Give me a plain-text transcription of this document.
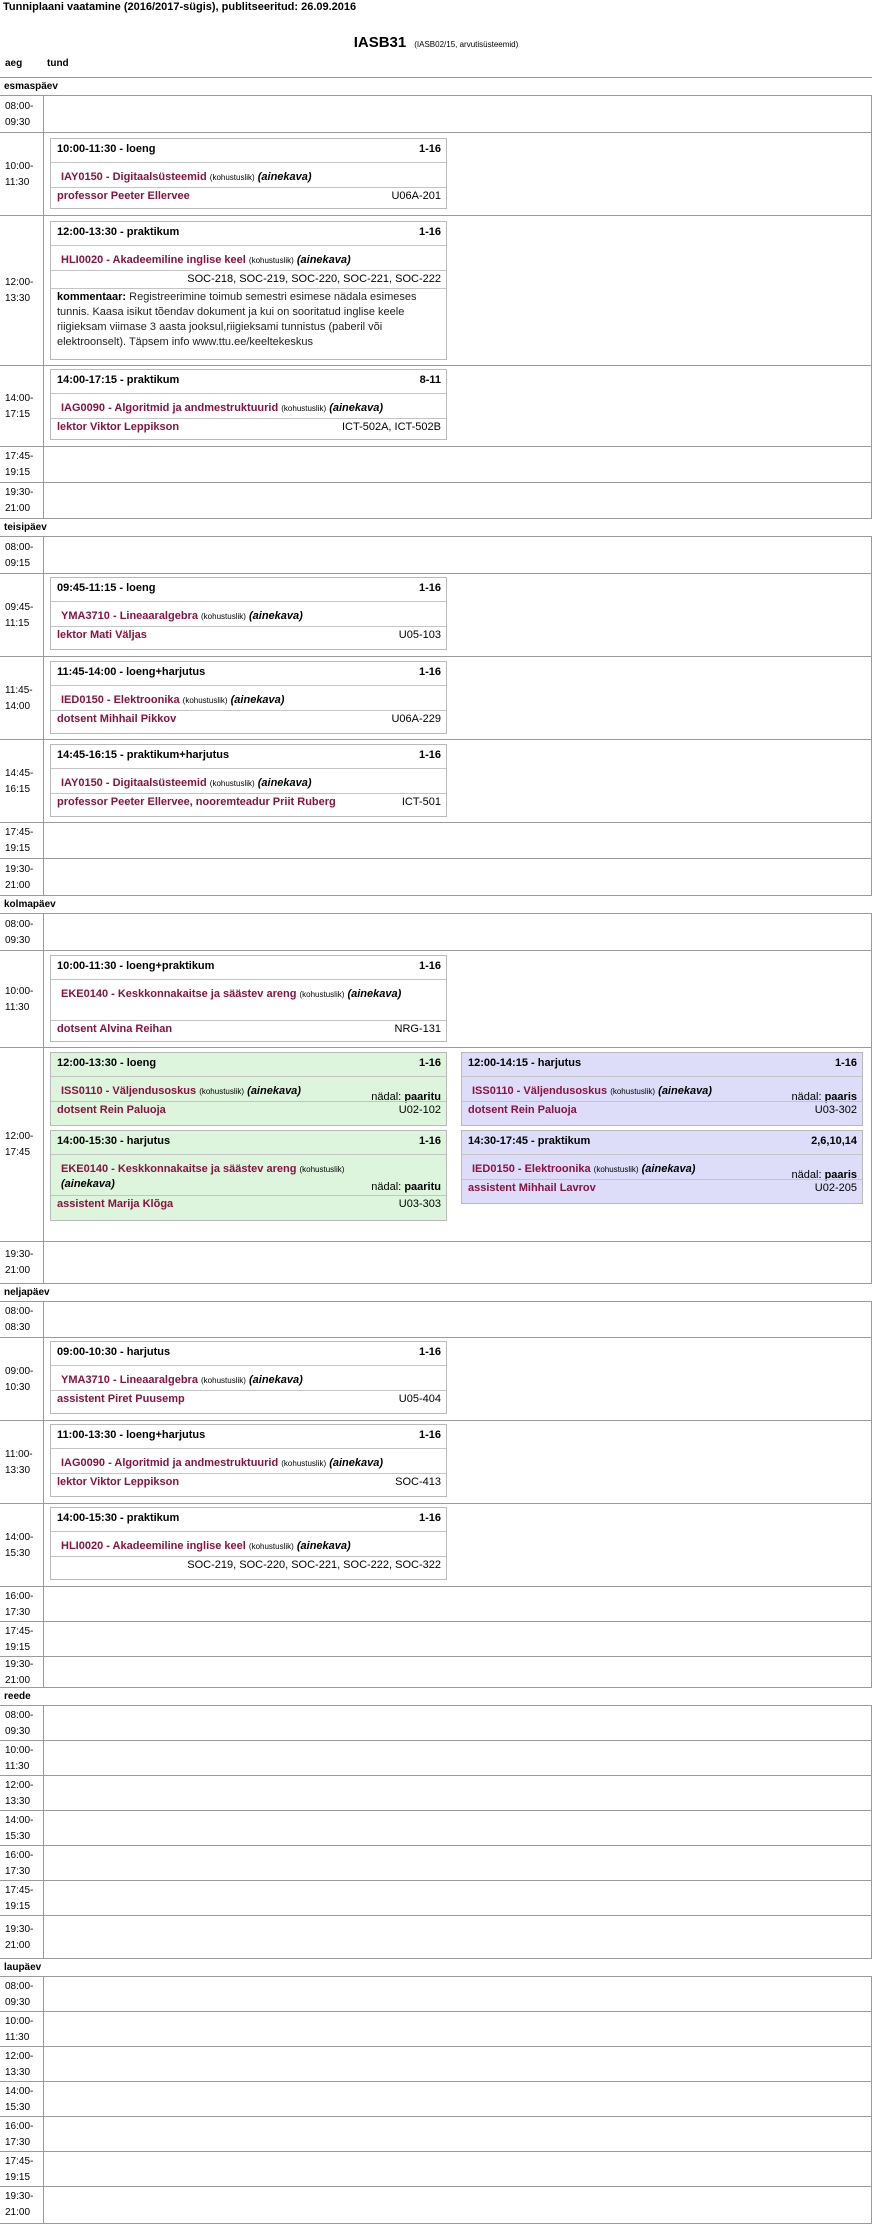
Tunniplaani vaatamine (2016/2017-sügis), publitseeritud: 26.09.2016
IASB31 (IASB02/15, arvutisüsteemid)
aeg tund
esmaspäev
08:00-09:30
10:00-11:30
10:00-11:30 - loeng	1-16
IAY0150 - Digitaalsüsteemid (kohustuslik) (ainekava)
professor Peeter Ellervee	U06A-201
12:00-13:30
12:00-13:30 - praktikum	1-16
HLI0020 - Akadeemiline inglise keel (kohustuslik) (ainekava)
SOC-218, SOC-219, SOC-220, SOC-221, SOC-222
kommentaar: Registreerimine toimub semestri esimese nädala esimeses tunnis. Kaasa isikut tõendav dokument ja kui on sooritatud inglise keele riigieksam viimase 3 aasta jooksul,riigieksami tunnistus (paberil või elektroonselt). Täpsem info www.ttu.ee/keeltekeskus
14:00-17:15
14:00-17:15 - praktikum	8-11
IAG0090 - Algoritmid ja andmestruktuurid (kohustuslik) (ainekava)
lektor Viktor Leppikson	ICT-502A, ICT-502B
17:45-19:15
19:30-21:00
teisipäev
08:00-09:15
09:45-11:15
09:45-11:15 - loeng	1-16
YMA3710 - Lineaaralgebra (kohustuslik) (ainekava)
lektor Mati Väljas	U05-103
11:45-14:00
11:45-14:00 - loeng+harjutus	1-16
IED0150 - Elektroonika (kohustuslik) (ainekava)
dotsent Mihhail Pikkov	U06A-229
14:45-16:15
14:45-16:15 - praktikum+harjutus	1-16
IAY0150 - Digitaalsüsteemid (kohustuslik) (ainekava)
professor Peeter Ellervee, nooremteadur Priit Ruberg	ICT-501
17:45-19:15
19:30-21:00
kolmapäev
08:00-09:30
10:00-11:30
10:00-11:30 - loeng+praktikum	1-16
EKE0140 - Keskkonnakaitse ja säästev areng (kohustuslik) (ainekava)
dotsent Alvina Reihan	NRG-131
12:00-17:45
12:00-13:30 - loeng	1-16
ISS0110 - Väljendusoskus (kohustuslik) (ainekava)	nädal: paaritu
dotsent Rein Paluoja	U02-102
14:00-15:30 - harjutus	1-16
EKE0140 - Keskkonnakaitse ja säästev areng (kohustuslik) (ainekava)	nädal: paaritu
assistent Marija Klõga	U03-303
12:00-14:15 - harjutus	1-16
ISS0110 - Väljendusoskus (kohustuslik) (ainekava)	nädal: paaris
dotsent Rein Paluoja	U03-302
14:30-17:45 - praktikum	2,6,10,14
IED0150 - Elektroonika (kohustuslik) (ainekava)	nädal: paaris
assistent Mihhail Lavrov	U02-205
19:30-21:00
neljapäev
08:00-08:30
09:00-10:30
09:00-10:30 - harjutus	1-16
YMA3710 - Lineaaralgebra (kohustuslik) (ainekava)
assistent Piret Puusemp	U05-404
11:00-13:30
11:00-13:30 - loeng+harjutus	1-16
IAG0090 - Algoritmid ja andmestruktuurid (kohustuslik) (ainekava)
lektor Viktor Leppikson	SOC-413
14:00-15:30
14:00-15:30 - praktikum	1-16
HLI0020 - Akadeemiline inglise keel (kohustuslik) (ainekava)
SOC-219, SOC-220, SOC-221, SOC-222, SOC-322
16:00-17:30
17:45-19:15
19:30-21:00
reede
08:00-09:30
10:00-11:30
12:00-13:30
14:00-15:30
16:00-17:30
17:45-19:15
19:30-21:00
laupäev
08:00-09:30
10:00-11:30
12:00-13:30
14:00-15:30
16:00-17:30
17:45-19:15
19:30-21:00
